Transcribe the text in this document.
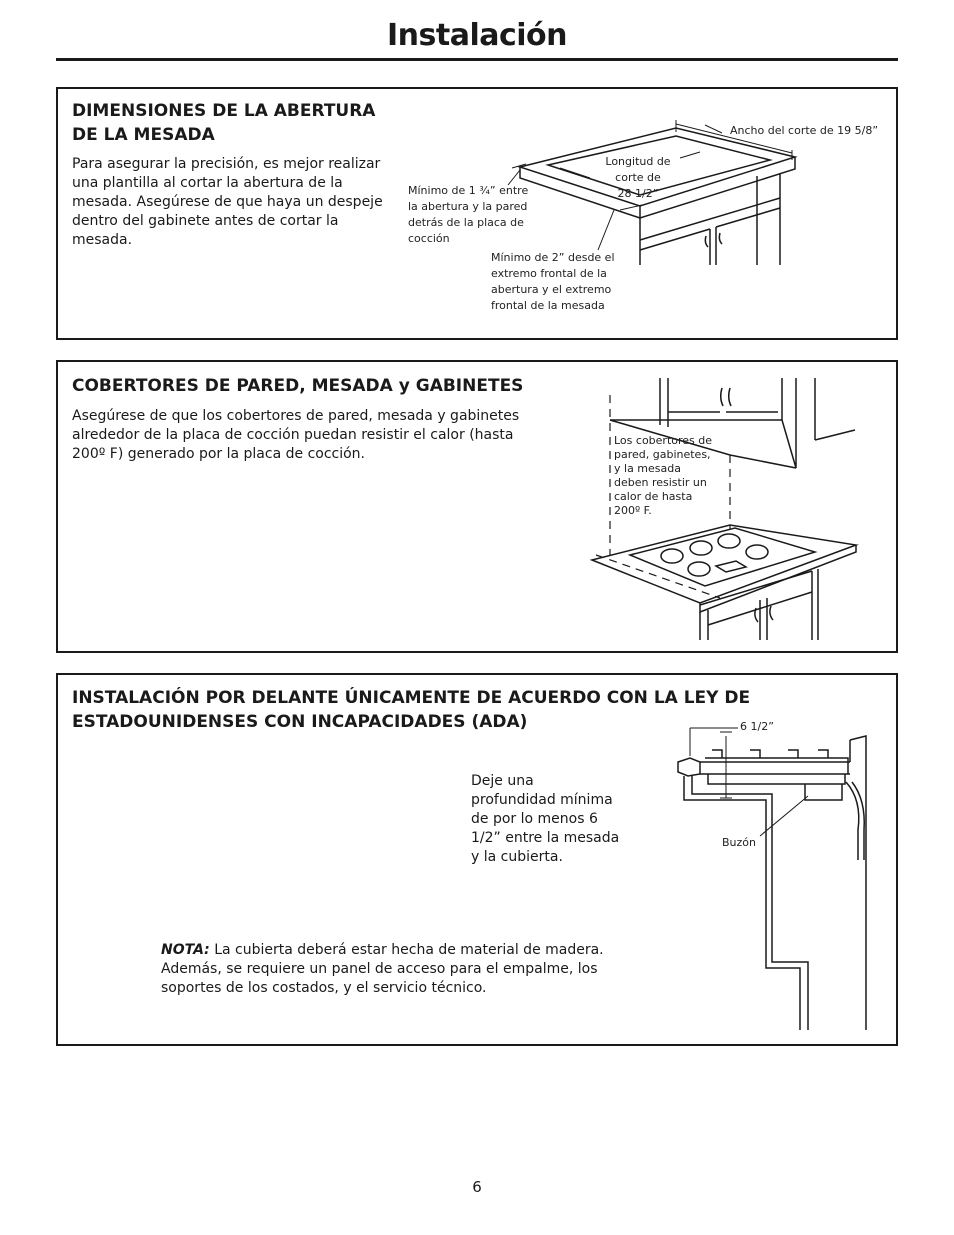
Instalación
DIMENSIONES DE LA ABERTURA
DE LA MESADA
Para asegurar la precisión, es mejor realizar una plantilla al cortar la abertura de la mesada. Asegúrese de que haya un despeje dentro del gabinete antes de cortar la mesada.
Ancho del corte de 19 5/8”
Longitud de
corte de
28 1/2”
Mínimo de 1 ¾” entre
la abertura y la pared
detrás de la placa de
cocción
Mínimo de 2” desde el
extremo frontal de la
abertura y el extremo
frontal de la mesada
COBERTORES DE PARED, MESADA y GABINETES
Asegúrese de que los cobertores de pared, mesada y gabinetes alrededor de la placa de cocción puedan resistir el calor (hasta 200º F) generado por la placa de cocción.
Los cobertores de
pared, gabinetes,
y la mesada
deben resistir un
calor de hasta
200º F.
INSTALACIÓN POR DELANTE ÚNICAMENTE DE ACUERDO CON LA LEY DE
ESTADOUNIDENSES CON INCAPACIDADES (ADA)
Deje una profundidad mínima de por lo menos 6 1/2” entre la mesada y la cubierta.
NOTA: La cubierta deberá estar hecha de material de madera. Además, se requiere un panel de acceso para el empalme, los soportes de los costados, y el servicio técnico.
6 1/2”
Buzón
6
